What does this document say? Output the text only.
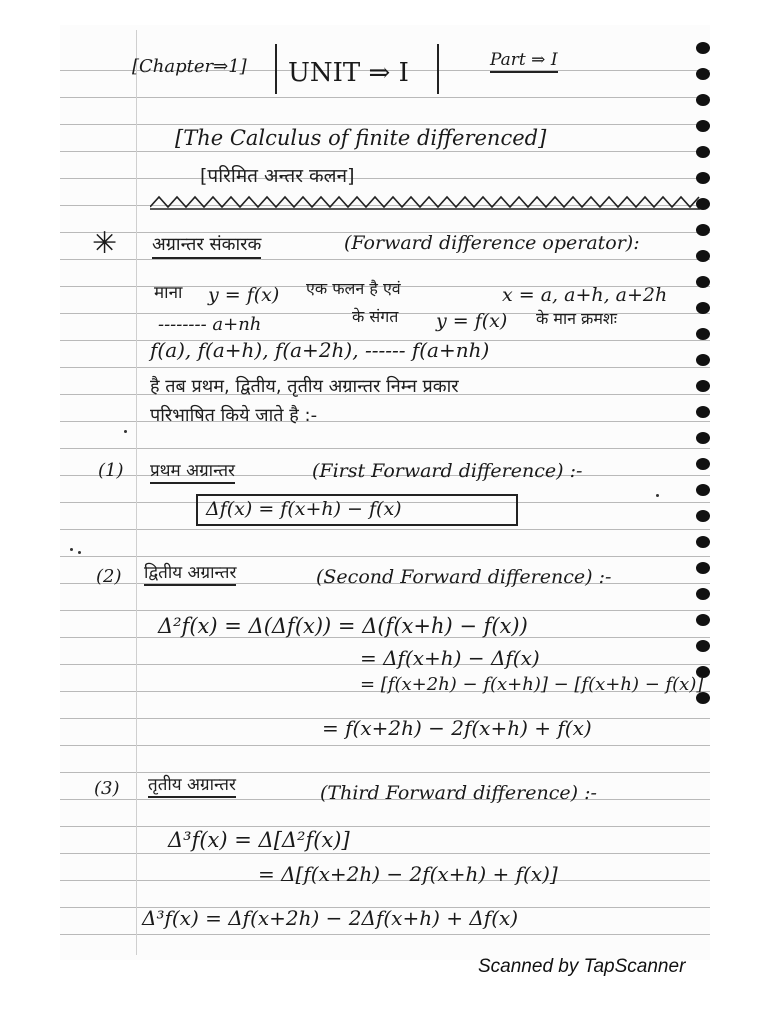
[Chapter⇒1] UNIT ⇒ I	Part ⇒ I
[The Calculus of finite differenced]
[परिमित अन्तर कलन]
✳ अग्रान्तर संकारक	(Forward difference operator):
माना y = f(x) एक फलन है एवं	x = a, a+h, a+2h
-------- a+nh	के संगत y = f(x) के मान क्रमशः
f(a), f(a+h), f(a+2h), ------ f(a+nh)
है तब प्रथम, द्वितीय, तृतीय अग्रान्तर निम्न प्रकार
परिभाषित किये जाते है :-
(1) प्रथम अग्रान्तर	(First Forward difference) :-
Δf(x) = f(x+h) − f(x)
(2) द्वितीय अग्रान्तर	(Second Forward difference) :-
Δ²f(x) = Δ(Δf(x)) = Δ(f(x+h) − f(x))
= Δf(x+h) − Δf(x)
= [f(x+2h) − f(x+h)] − [f(x+h) − f(x)]
= f(x+2h) − 2f(x+h) + f(x)
(3) तृतीय अग्रान्तर	(Third Forward difference) :-
Δ³f(x) = Δ[Δ²f(x)]
= Δ[f(x+2h) − 2f(x+h) + f(x)]
Δ³f(x) = Δf(x+2h) − 2Δf(x+h) + Δf(x)
Scanned by TapScanner
